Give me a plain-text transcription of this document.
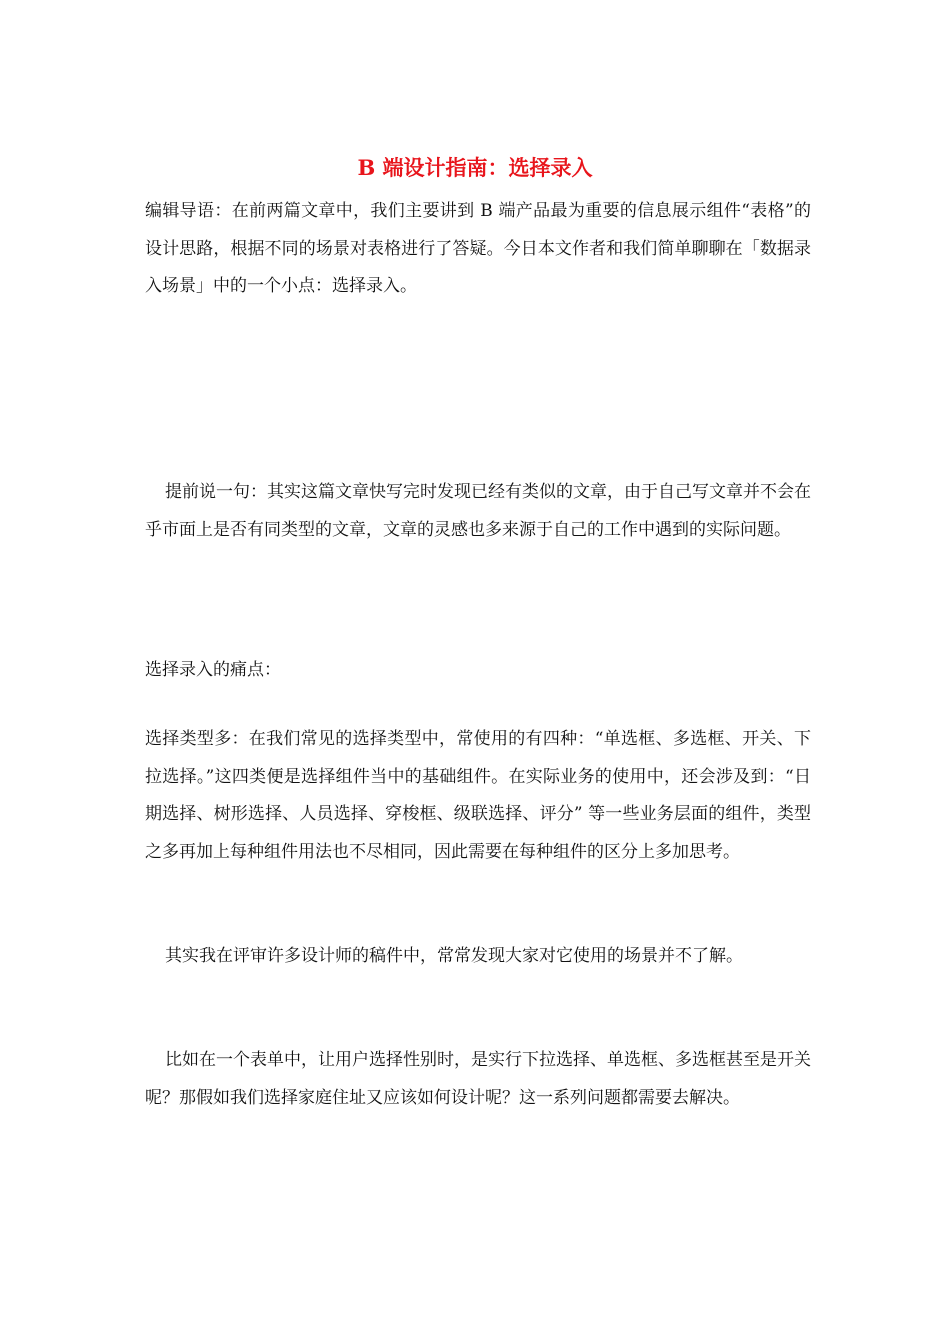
B 端设计指南：选择录入

编辑导语：在前两篇文章中，我们主要讲到 B 端产品最为重要的信息展示组件“表格”的设计思路，根据不同的场景对表格进行了答疑。今日本文作者和我们简单聊聊在「数据录入场景」中的一个小点：选择录入。

提前说一句：其实这篇文章快写完时发现已经有类似的文章，由于自己写文章并不会在乎市面上是否有同类型的文章，文章的灵感也多来源于自己的工作中遇到的实际问题。

选择录入的痛点：

选择类型多：在我们常见的选择类型中，常使用的有四种：“单选框、多选框、开关、下拉选择。”这四类便是选择组件当中的基础组件。在实际业务的使用中，还会涉及到：“日期选择、树形选择、人员选择、穿梭框、级联选择、评分” 等一些业务层面的组件，类型之多再加上每种组件用法也不尽相同，因此需要在每种组件的区分上多加思考。

其实我在评审许多设计师的稿件中，常常发现大家对它使用的场景并不了解。

比如在一个表单中，让用户选择性别时，是实行下拉选择、单选框、多选框甚至是开关呢？那假如我们选择家庭住址又应该如何设计呢？这一系列问题都需要去解决。
